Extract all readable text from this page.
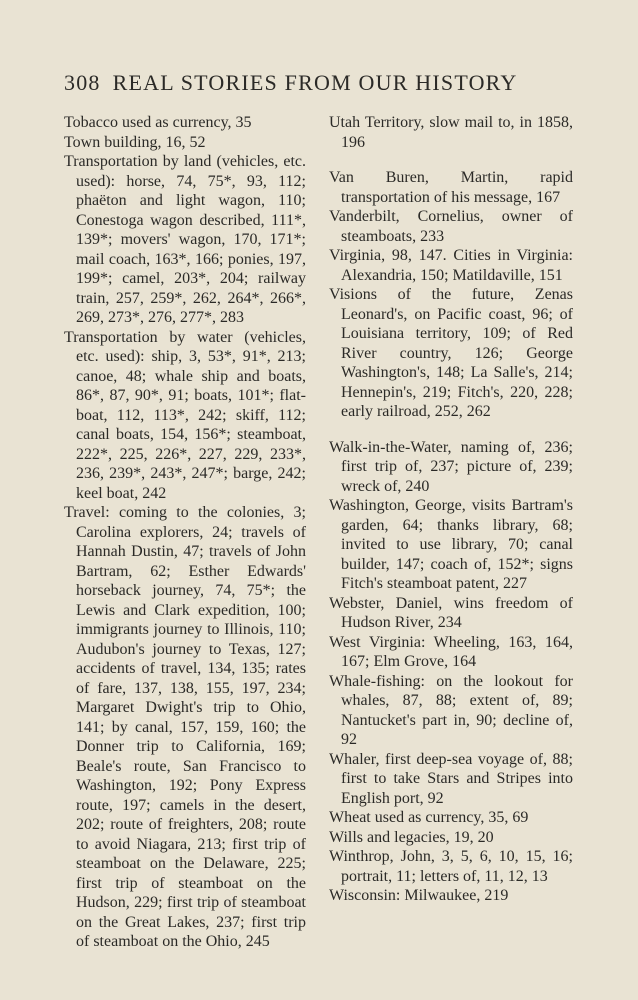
308 REAL STORIES FROM OUR HISTORY
Tobacco used as currency, 35
Town building, 16, 52
Transportation by land (vehicles, etc. used): horse, 74, 75*, 93, 112; phaëton and light wagon, 110; Conestoga wagon described, 111*, 139*; movers' wagon, 170, 171*; mail coach, 163*, 166; ponies, 197, 199*; camel, 203*, 204; railway train, 257, 259*, 262, 264*, 266*, 269, 273*, 276, 277*, 283
Transportation by water (vehicles, etc. used): ship, 3, 53*, 91*, 213; canoe, 48; whale ship and boats, 86*, 87, 90*, 91; boats, 101*; flat-boat, 112, 113*, 242; skiff, 112; canal boats, 154, 156*; steamboat, 222*, 225, 226*, 227, 229, 233*, 236, 239*, 243*, 247*; barge, 242; keel boat, 242
Travel: coming to the colonies, 3; Carolina explorers, 24; travels of Hannah Dustin, 47; travels of John Bartram, 62; Esther Edwards' horseback journey, 74, 75*; the Lewis and Clark expedition, 100; immigrants journey to Illinois, 110; Audubon's journey to Texas, 127; accidents of travel, 134, 135; rates of fare, 137, 138, 155, 197, 234; Margaret Dwight's trip to Ohio, 141; by canal, 157, 159, 160; the Donner trip to California, 169; Beale's route, San Francisco to Washington, 192; Pony Express route, 197; camels in the desert, 202; route of freighters, 208; route to avoid Niagara, 213; first trip of steamboat on the Delaware, 225; first trip of steamboat on the Hudson, 229; first trip of steamboat on the Great Lakes, 237; first trip of steamboat on the Ohio, 245
Utah Territory, slow mail to, in 1858, 196
Van Buren, Martin, rapid transportation of his message, 167
Vanderbilt, Cornelius, owner of steamboats, 233
Virginia, 98, 147. Cities in Virginia: Alexandria, 150; Matildaville, 151
Visions of the future, Zenas Leonard's, on Pacific coast, 96; of Louisiana territory, 109; of Red River country, 126; George Washington's, 148; La Salle's, 214; Hennepin's, 219; Fitch's, 220, 228; early railroad, 252, 262
Walk-in-the-Water, naming of, 236; first trip of, 237; picture of, 239; wreck of, 240
Washington, George, visits Bartram's garden, 64; thanks library, 68; invited to use library, 70; canal builder, 147; coach of, 152*; signs Fitch's steamboat patent, 227
Webster, Daniel, wins freedom of Hudson River, 234
West Virginia: Wheeling, 163, 164, 167; Elm Grove, 164
Whale-fishing: on the lookout for whales, 87, 88; extent of, 89; Nantucket's part in, 90; decline of, 92
Whaler, first deep-sea voyage of, 88; first to take Stars and Stripes into English port, 92
Wheat used as currency, 35, 69
Wills and legacies, 19, 20
Winthrop, John, 3, 5, 6, 10, 15, 16; portrait, 11; letters of, 11, 12, 13
Wisconsin: Milwaukee, 219
